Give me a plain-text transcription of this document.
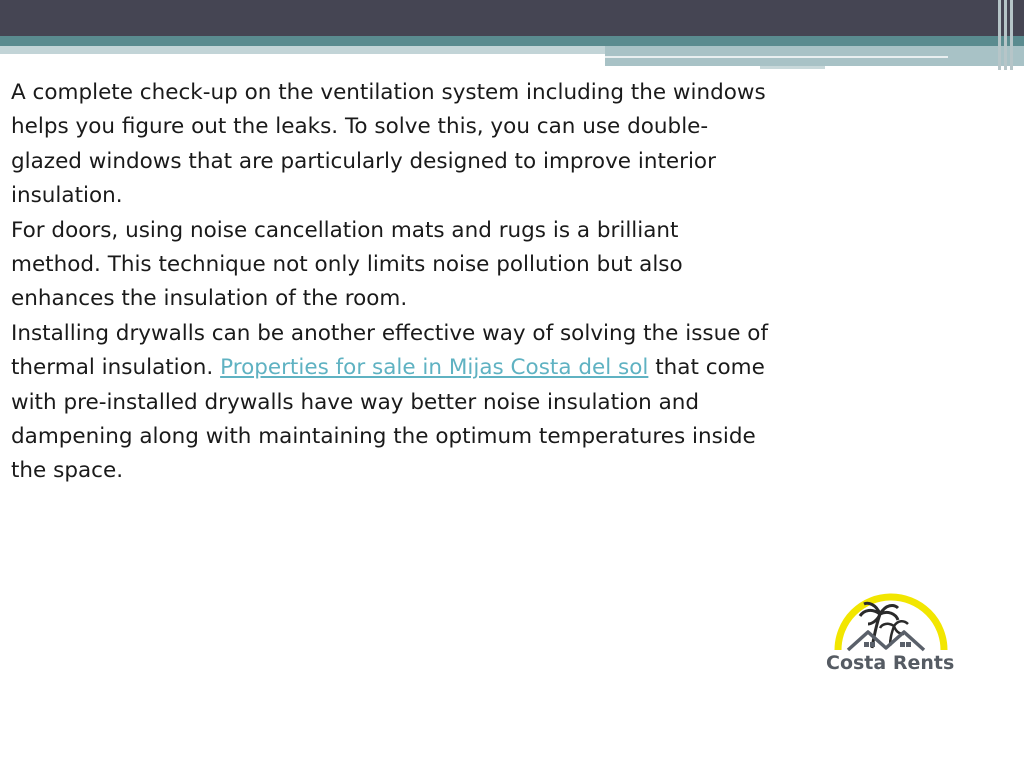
A complete check-up on the ventilation system including the windows helps you figure out the leaks. To solve this, you can use double-glazed windows that are particularly designed to improve interior insulation.

For doors, using noise cancellation mats and rugs is a brilliant method. This technique not only limits noise pollution but also enhances the insulation of the room.

Installing drywalls can be another effective way of solving the issue of thermal insulation. Properties for sale in Mijas Costa del sol that come with pre-installed drywalls have way better noise insulation and dampening along with maintaining the optimum temperatures inside the space.

Costa Rents
